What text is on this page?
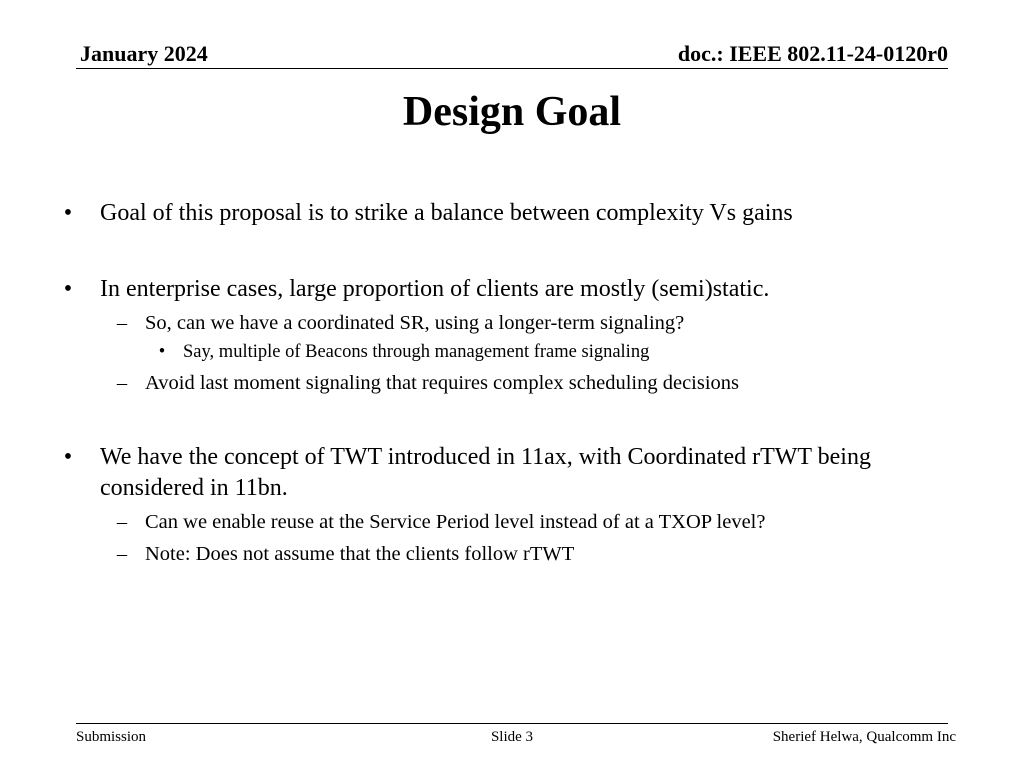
January 2024	doc.: IEEE 802.11-24-0120r0
Design Goal
• Goal of this proposal is to strike a balance between complexity Vs gains
• In enterprise cases, large proportion of clients are mostly (semi)static.
– So, can we have a coordinated SR, using a longer-term signaling?
• Say, multiple of Beacons through management frame signaling
– Avoid last moment signaling that requires complex scheduling decisions
• We have the concept of TWT introduced in 11ax, with Coordinated rTWT being considered in 11bn.
– Can we enable reuse at the Service Period level instead of at a TXOP level?
– Note: Does not assume that the clients follow rTWT
Submission	Slide 3	Sherief Helwa, Qualcomm Inc
